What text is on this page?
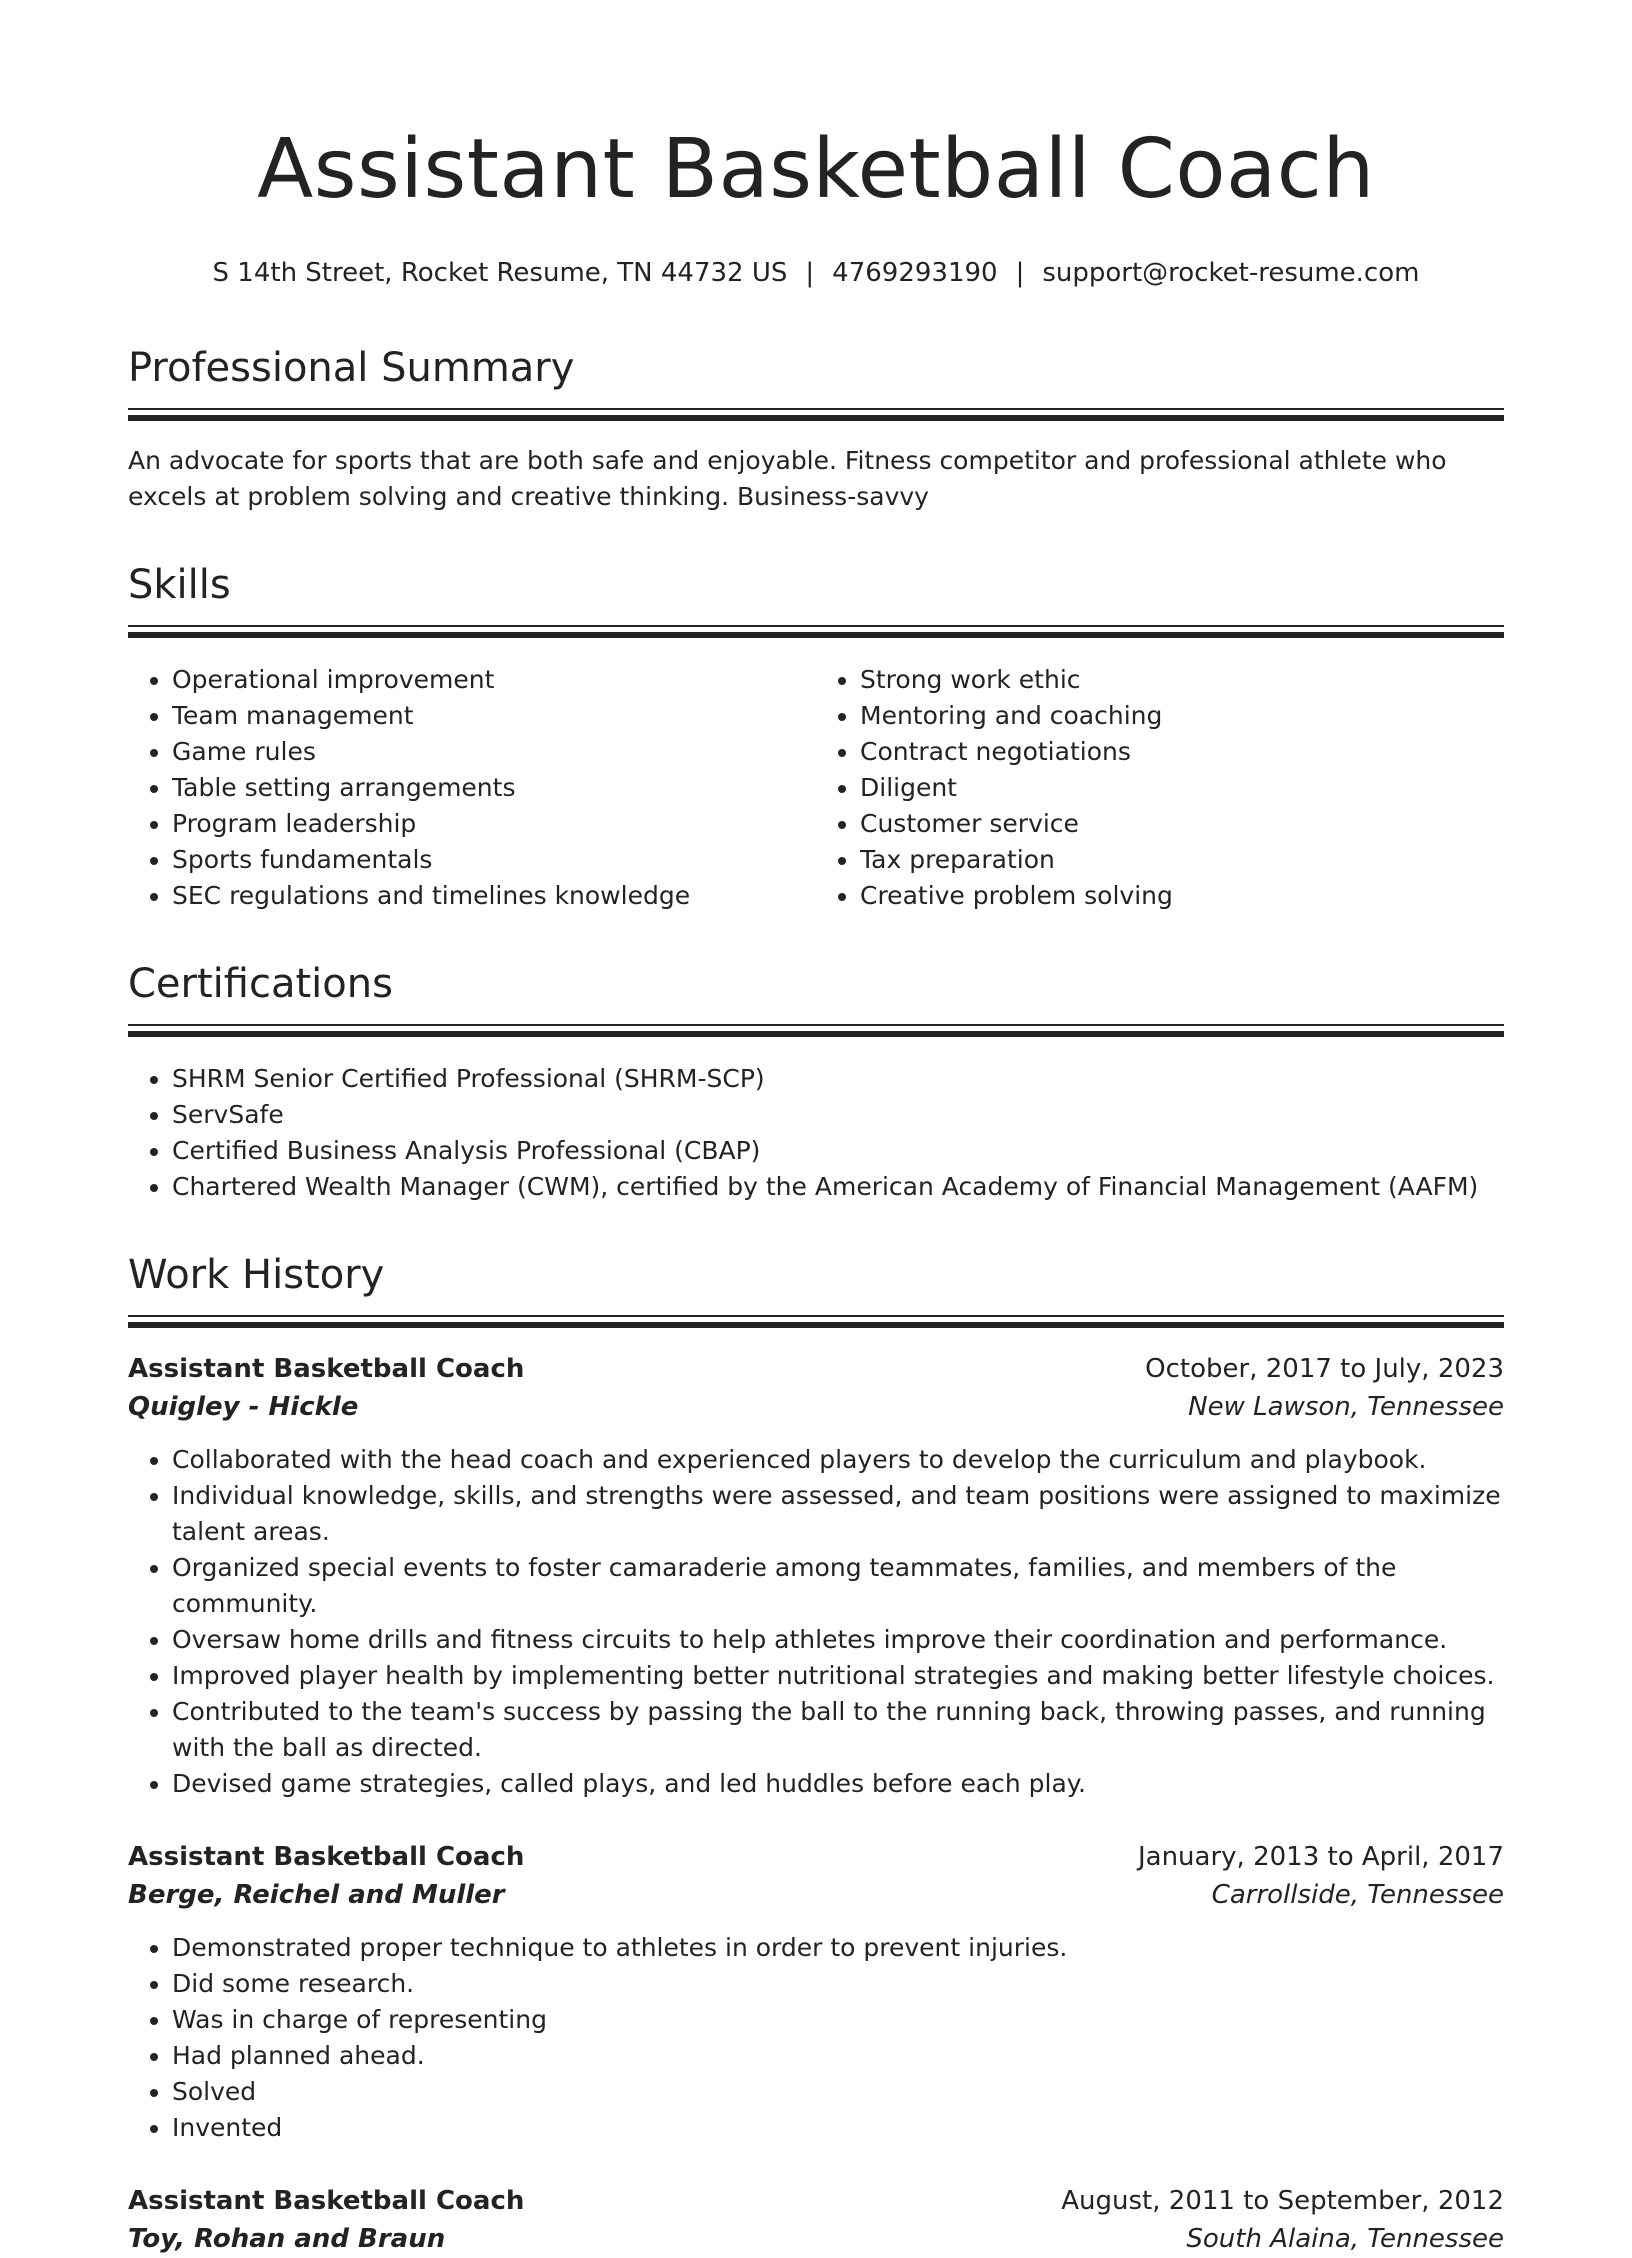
Assistant Basketball Coach
S 14th Street, Rocket Resume, TN 44732 US | 4769293190 | support@rocket-resume.com
Professional Summary
An advocate for sports that are both safe and enjoyable. Fitness competitor and professional athlete who excels at problem solving and creative thinking. Business-savvy
Skills
• Operational improvement
• Team management
• Game rules
• Table setting arrangements
• Program leadership
• Sports fundamentals
• SEC regulations and timelines knowledge
• Strong work ethic
• Mentoring and coaching
• Contract negotiations
• Diligent
• Customer service
• Tax preparation
• Creative problem solving
Certifications
• SHRM Senior Certified Professional (SHRM-SCP)
• ServSafe
• Certified Business Analysis Professional (CBAP)
• Chartered Wealth Manager (CWM), certified by the American Academy of Financial Management (AAFM)
Work History
Assistant Basketball Coach	October, 2017 to July, 2023
Quigley - Hickle	New Lawson, Tennessee
• Collaborated with the head coach and experienced players to develop the curriculum and playbook.
• Individual knowledge, skills, and strengths were assessed, and team positions were assigned to maximize talent areas.
• Organized special events to foster camaraderie among teammates, families, and members of the community.
• Oversaw home drills and fitness circuits to help athletes improve their coordination and performance.
• Improved player health by implementing better nutritional strategies and making better lifestyle choices.
• Contributed to the team's success by passing the ball to the running back, throwing passes, and running with the ball as directed.
• Devised game strategies, called plays, and led huddles before each play.
Assistant Basketball Coach	January, 2013 to April, 2017
Berge, Reichel and Muller	Carrollside, Tennessee
• Demonstrated proper technique to athletes in order to prevent injuries.
• Did some research.
• Was in charge of representing
• Had planned ahead.
• Solved
• Invented
Assistant Basketball Coach	August, 2011 to September, 2012
Toy, Rohan and Braun	South Alaina, Tennessee
